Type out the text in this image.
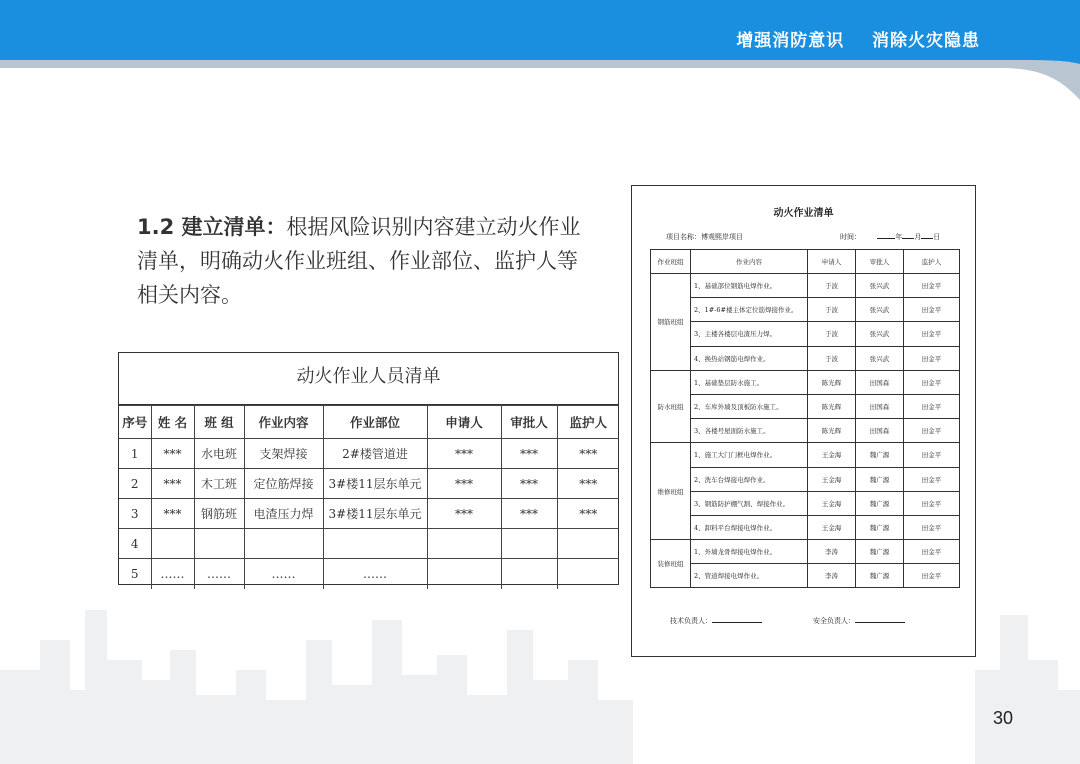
增强消防意识    消除火灾隐患
1.2 建立清单：根据风险识别内容建立动火作业清单，明确动火作业班组、作业部位、监护人等相关内容。
动火作业人员清单
序号	姓 名	班 组	作业内容	作业部位	申请人	审批人	监护人
1	***	水电班	支架焊接	2#楼管道进	***	***	***
2	***	木工班	定位筋焊接	3#楼11层东单元	***	***	***
3	***	钢筋班	电渣压力焊	3#楼11层东单元	***	***	***
4							
5	……	……	……	……			
动火作业清单
项目名称：博观熙岸项目	时间：	年 月 日
作业班组	作业内容	申请人	审批人	监护人
钢筋班组	1、基础部位钢筋电焊作业。	于波	张兴武	田金平
	2、1#-6#楼主体定位筋焊接作业。	于波	张兴武	田金平
	3、主楼各楼层电渣压力焊。	于波	张兴武	田金平
	4、换热站钢筋电焊作业。	于波	张兴武	田金平
防水班组	1、基础垫层防水施工。	陈光辉	田国森	田金平
	2、车库外墙及顶板防水施工。	陈光辉	田国森	田金平
	3、各楼号屋面防水施工。	陈光辉	田国森	田金平
维修班组	1、施工大门门框电焊作业。	王金海	魏广源	田金平
	2、洗车台焊接电焊作业。	王金海	魏广源	田金平
	3、钢筋防护棚气割、焊接作业。	王金海	魏广源	田金平
	4、卸料平台焊接电焊作业。	王金海	魏广源	田金平
装修班组	1、外墙龙骨焊接电焊作业。	李涛	魏广源	田金平
	2、管道焊接电焊作业。	李涛	魏广源	田金平
技术负责人：	安全负责人：
30
